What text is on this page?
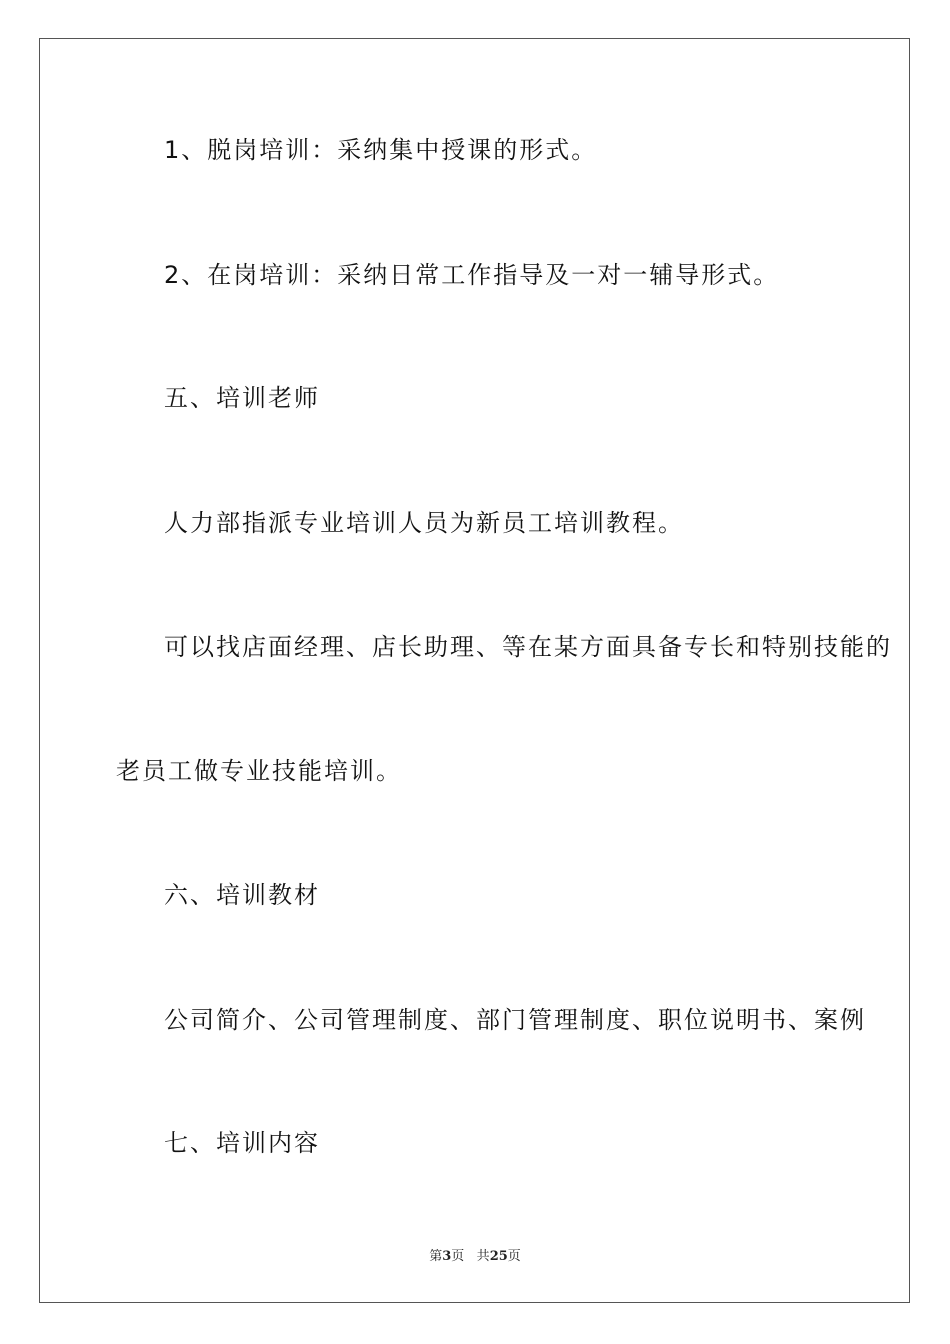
1、脱岗培训：采纳集中授课的形式。
2、在岗培训：采纳日常工作指导及一对一辅导形式。
五、培训老师
人力部指派专业培训人员为新员工培训教程。
可以找店面经理、店长助理、等在某方面具备专长和特别技能的
老员工做专业技能培训。
六、培训教材
公司简介、公司管理制度、部门管理制度、职位说明书、案例
七、培训内容
第3页 共25页
